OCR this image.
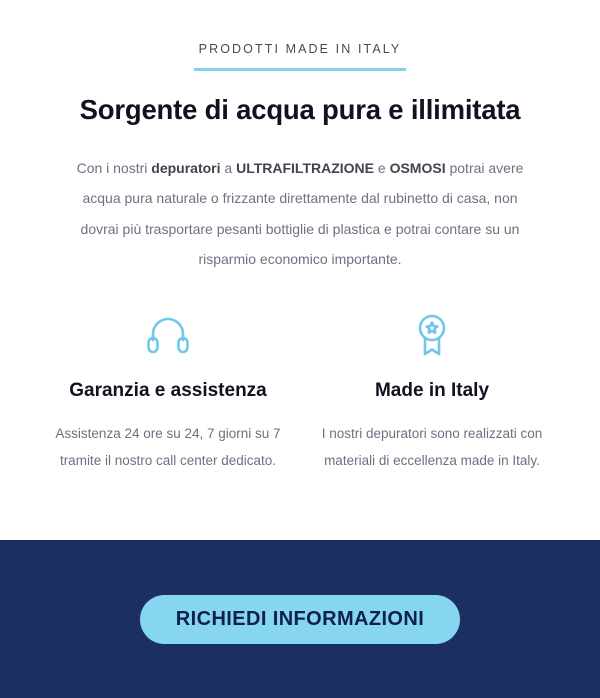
PRODOTTI MADE IN ITALY
Sorgente di acqua pura e illimitata

Con i nostri depuratori a ULTRAFILTRAZIONE e OSMOSI potrai avere acqua pura naturale o frizzante direttamente dal rubinetto di casa, non dovrai più trasportare pesanti bottiglie di plastica e potrai contare su un risparmio economico importante.

Garanzia e assistenza

Assistenza 24 ore su 24, 7 giorni su 7 tramite il nostro call center dedicato.

Made in Italy

I nostri depuratori sono realizzati con materiali di eccellenza made in Italy.

RICHIEDI INFORMAZIONI
